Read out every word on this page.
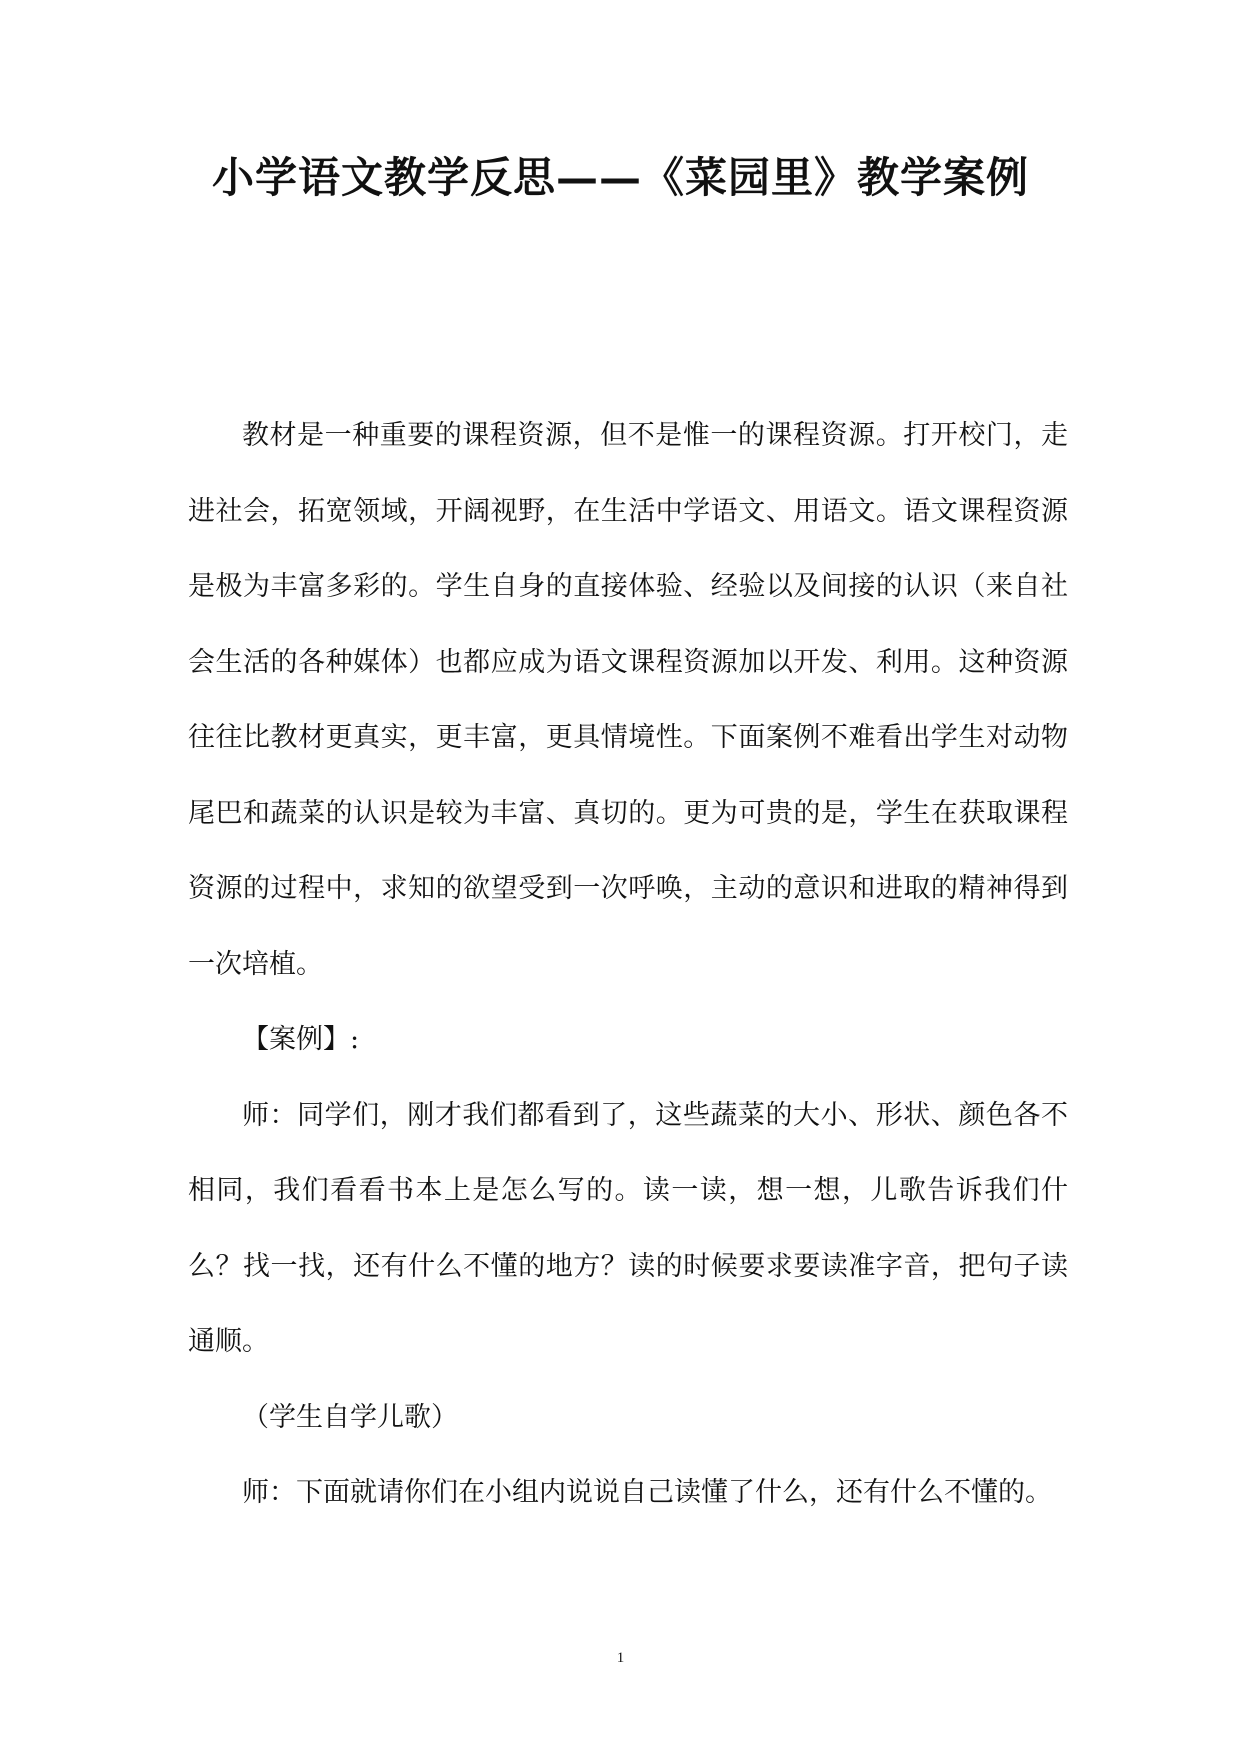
小学语文教学反思——《菜园里》教学案例

教材是一种重要的课程资源，但不是惟一的课程资源。打开校门，走进社会，拓宽领域，开阔视野，在生活中学语文、用语文。语文课程资源是极为丰富多彩的。学生自身的直接体验、经验以及间接的认识（来自社会生活的各种媒体）也都应成为语文课程资源加以开发、利用。这种资源往往比教材更真实，更丰富，更具情境性。下面案例不难看出学生对动物尾巴和蔬菜的认识是较为丰富、真切的。更为可贵的是，学生在获取课程资源的过程中，求知的欲望受到一次呼唤，主动的意识和进取的精神得到一次培植。

【案例】:

师：同学们，刚才我们都看到了，这些蔬菜的大小、形状、颜色各不相同，我们看看书本上是怎么写的。读一读，想一想，儿歌告诉我们什么？找一找，还有什么不懂的地方？读的时候要求要读准字音，把句子读通顺。

（学生自学儿歌）

师：下面就请你们在小组内说说自己读懂了什么，还有什么不懂的。

1
